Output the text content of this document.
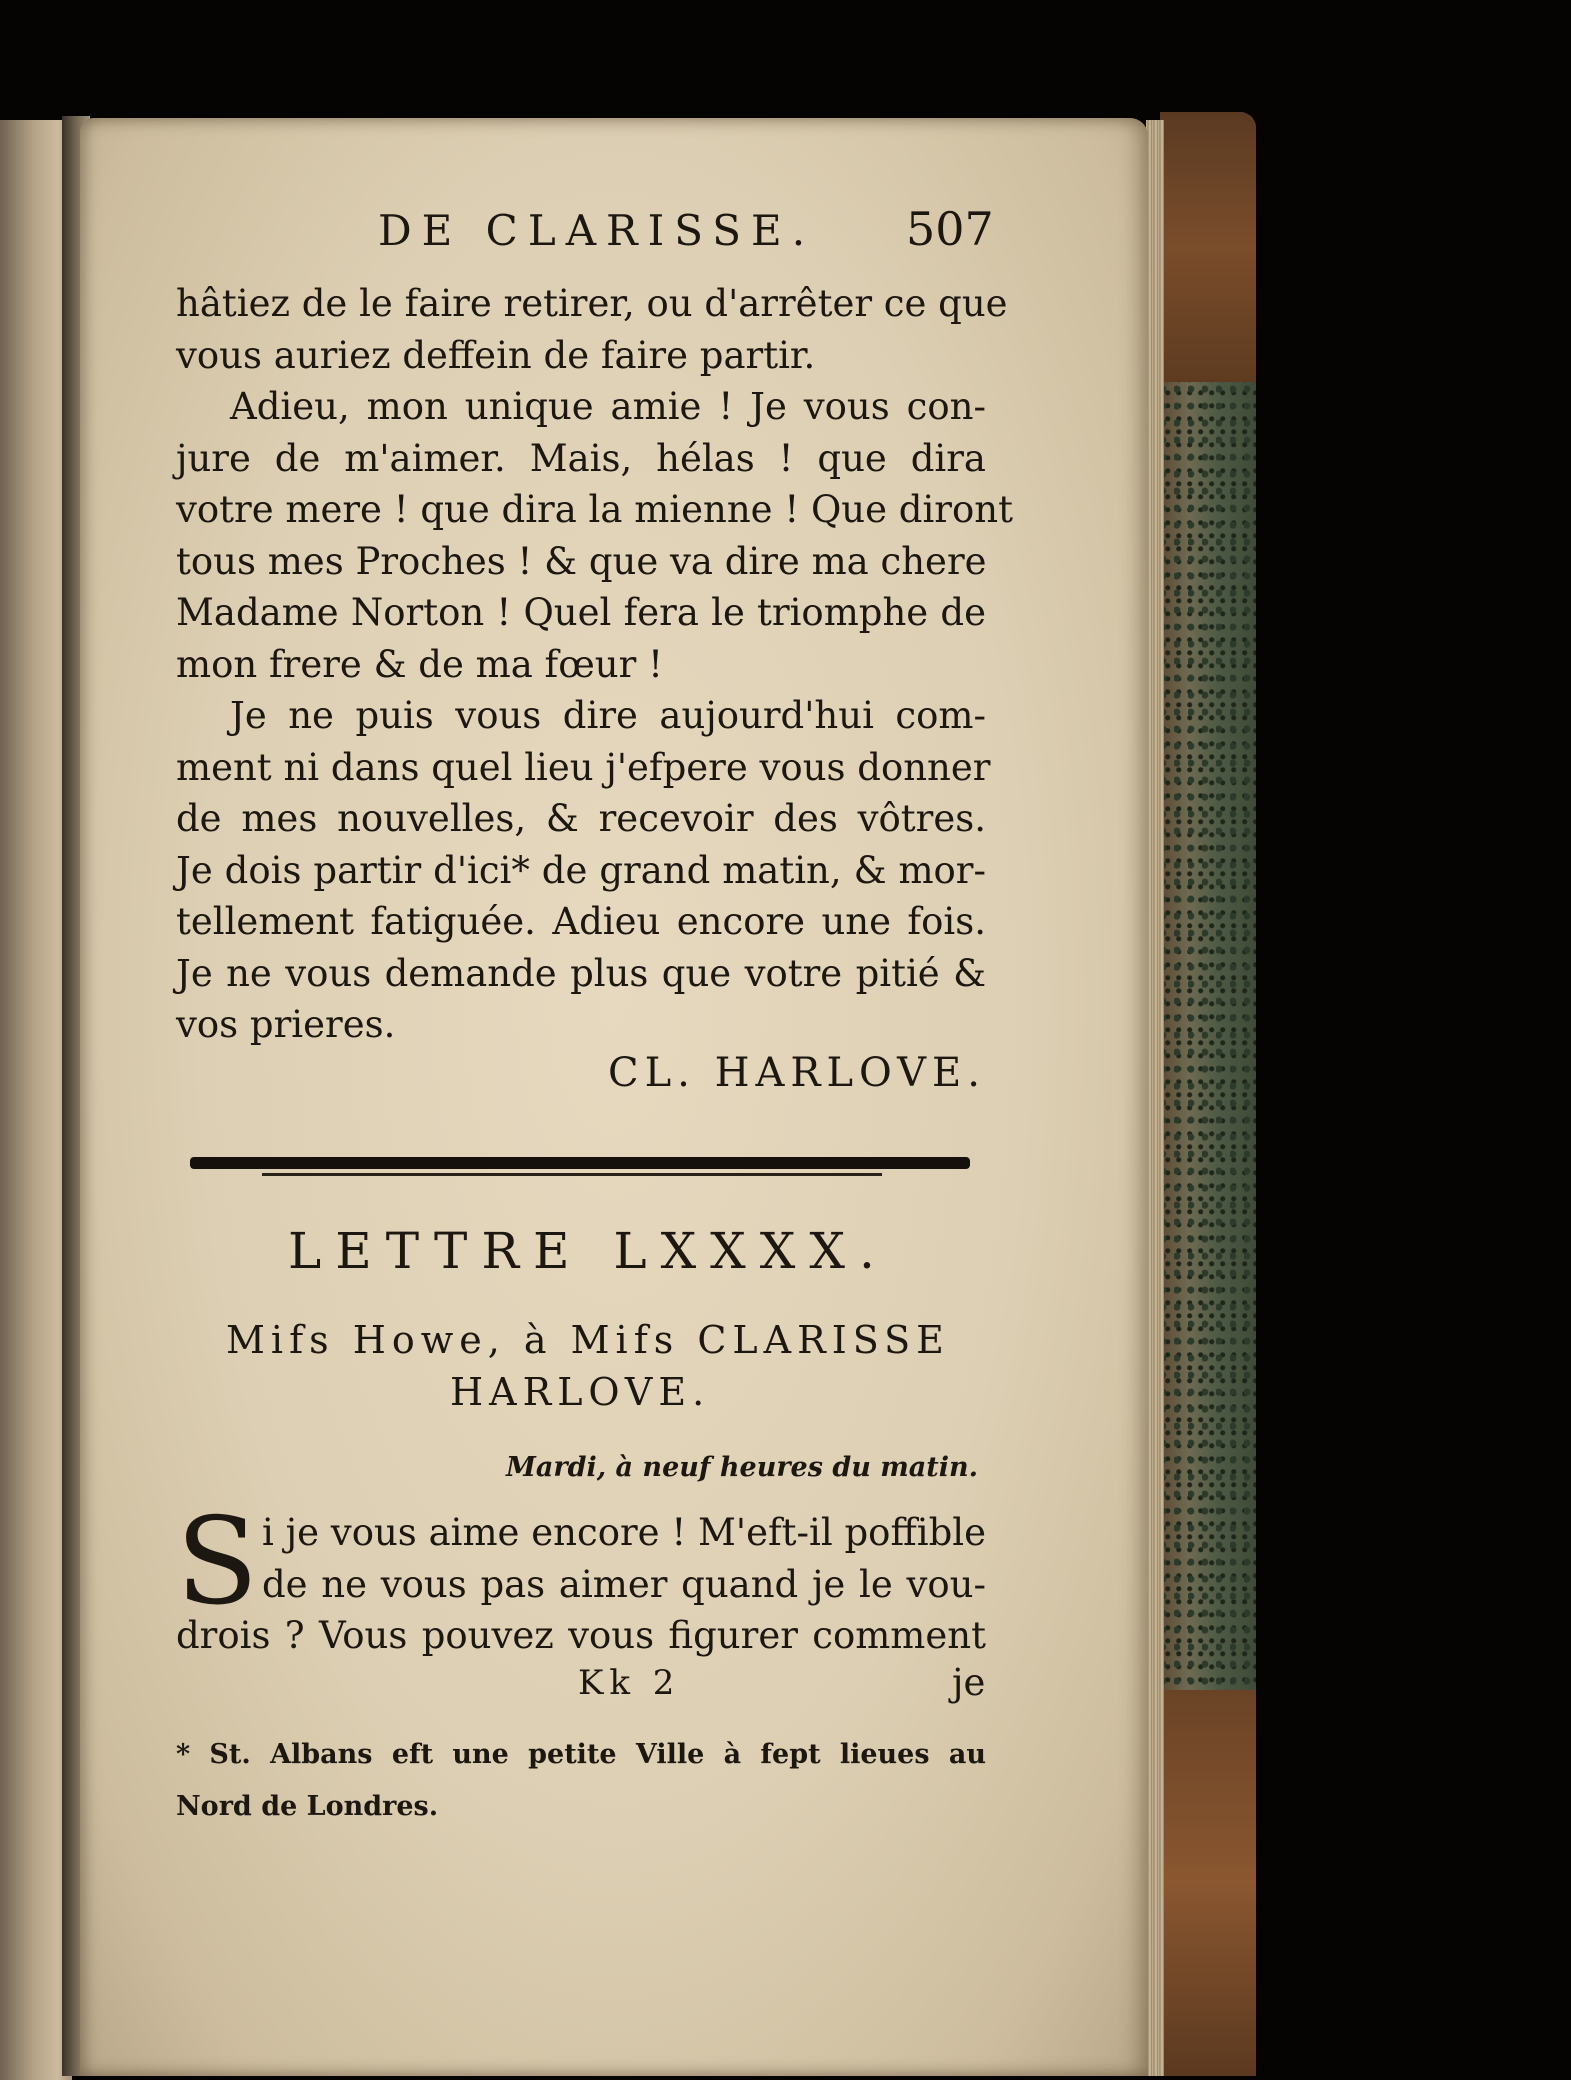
DE CLARISSE. 507
hâtiez de le faire retirer, ou d'arrêter ce que
vous auriez deffein de faire partir.
Adieu, mon unique amie ! Je vous con-
jure de m'aimer. Mais, hélas ! que dira
votre mere ! que dira la mienne ! Que diront
tous mes Proches ! & que va dire ma chere
Madame Norton ! Quel fera le triomphe de
mon frere & de ma fœur !
Je ne puis vous dire aujourd'hui com-
ment ni dans quel lieu j'efpere vous donner
de mes nouvelles, & recevoir des vôtres.
Je dois partir d'ici* de grand matin, & mor-
tellement fatiguée. Adieu encore une fois.
Je ne vous demande plus que votre pitié &
vos prieres.
CL. HARLOVE.
LETTRE LXXXX.
Mifs Howe, à Mifs CLARISSE
HARLOVE.
Mardi, à neuf heures du matin.
S i je vous aime encore ! M'eft-il poffible
de ne vous pas aimer quand je le vou-
drois ? Vous pouvez vous figurer comment
Kk 2	je
* St. Albans eft une petite Ville à fept lieues au
Nord de Londres.
